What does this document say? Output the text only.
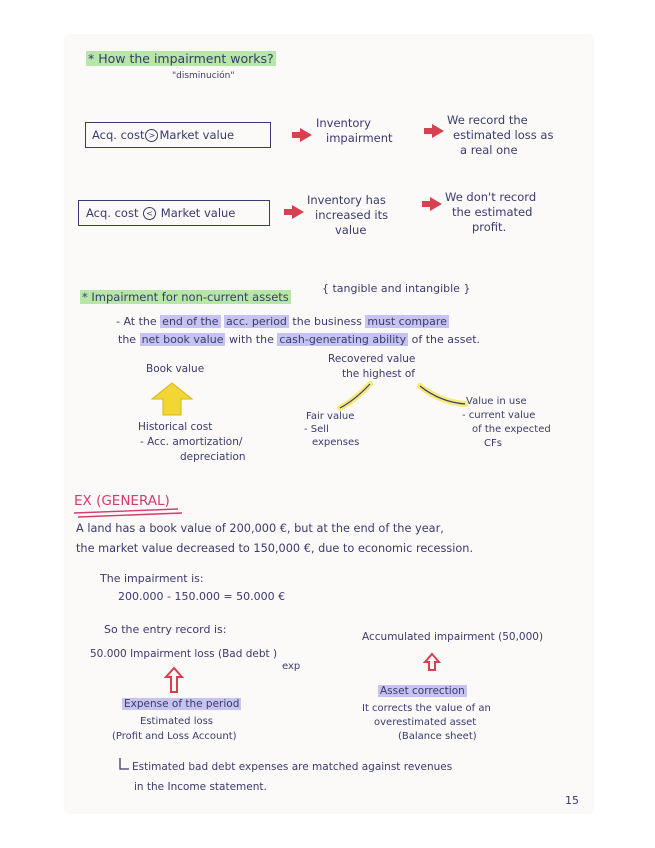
* How the impairment works?
"disminución"
Acq. cost > Market value
Inventory
impairment
We record the
estimated loss as
a real one
Acq. cost < Market value
Inventory has
increased its
value
We don't record
the estimated
profit.
* Impairment for non-current assets
{ tangible and intangible }
- At the end of the acc. period the business must compare
the net book value with the cash-generating ability of the asset.
Book value
Historical cost
- Acc. amortization/
depreciation
Recovered value
the highest of
Fair value
- Sell
expenses
Value in use
- current value
of the expected
CFs
EX (GENERAL)
A land has a book value of 200,000 €, but at the end of the year,
the market value decreased to 150,000 €, due to economic recession.
The impairment is:
200.000 - 150.000 = 50.000 €
So the entry record is:
50.000 Impairment loss (Bad debt )
exp
Accumulated impairment (50,000)
Expense of the period
Estimated loss
(Profit and Loss Account)
Asset correction
It corrects the value of an
overestimated asset
(Balance sheet)
Estimated bad debt expenses are matched against revenues
in the Income statement.
15
